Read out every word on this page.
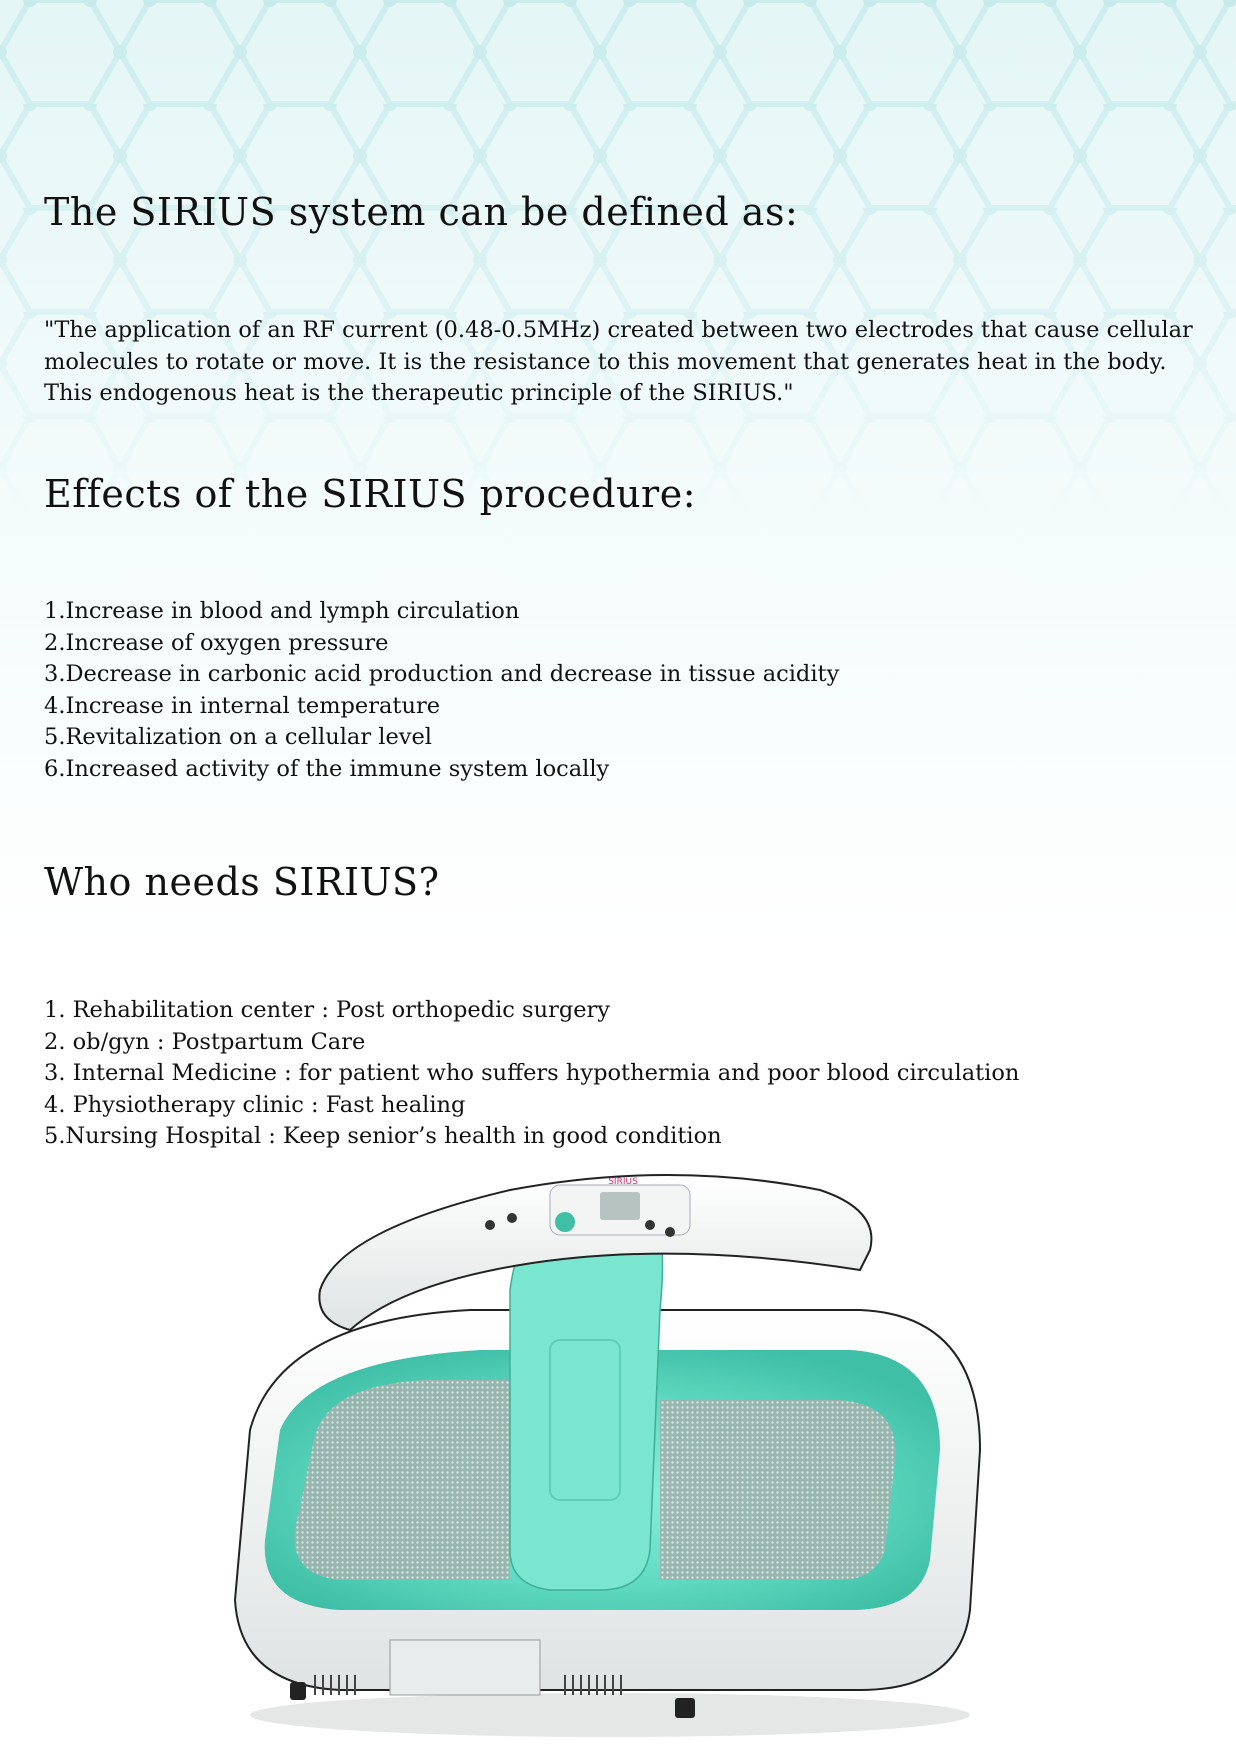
The SIRIUS system can be defined as:
"The application of an RF current (0.48-0.5MHz) created between two electrodes that cause cellular
molecules to rotate or move. It is the resistance to this movement that generates heat in the body.
This endogenous heat is the therapeutic principle of the SIRIUS."
Effects of the SIRIUS procedure:
1.Increase in blood and lymph circulation
2.Increase of oxygen pressure
3.Decrease in carbonic acid production and decrease in tissue acidity
4.Increase in internal temperature
5.Revitalization on a cellular level
6.Increased activity of the immune system locally
Who needs SIRIUS?
1. Rehabilitation center : Post orthopedic surgery
2. ob/gyn : Postpartum Care
3. Internal Medicine : for patient who suffers hypothermia and poor blood circulation
4. Physiotherapy clinic : Fast healing
5.Nursing Hospital : Keep senior’s health in good condition
SIRIUS
